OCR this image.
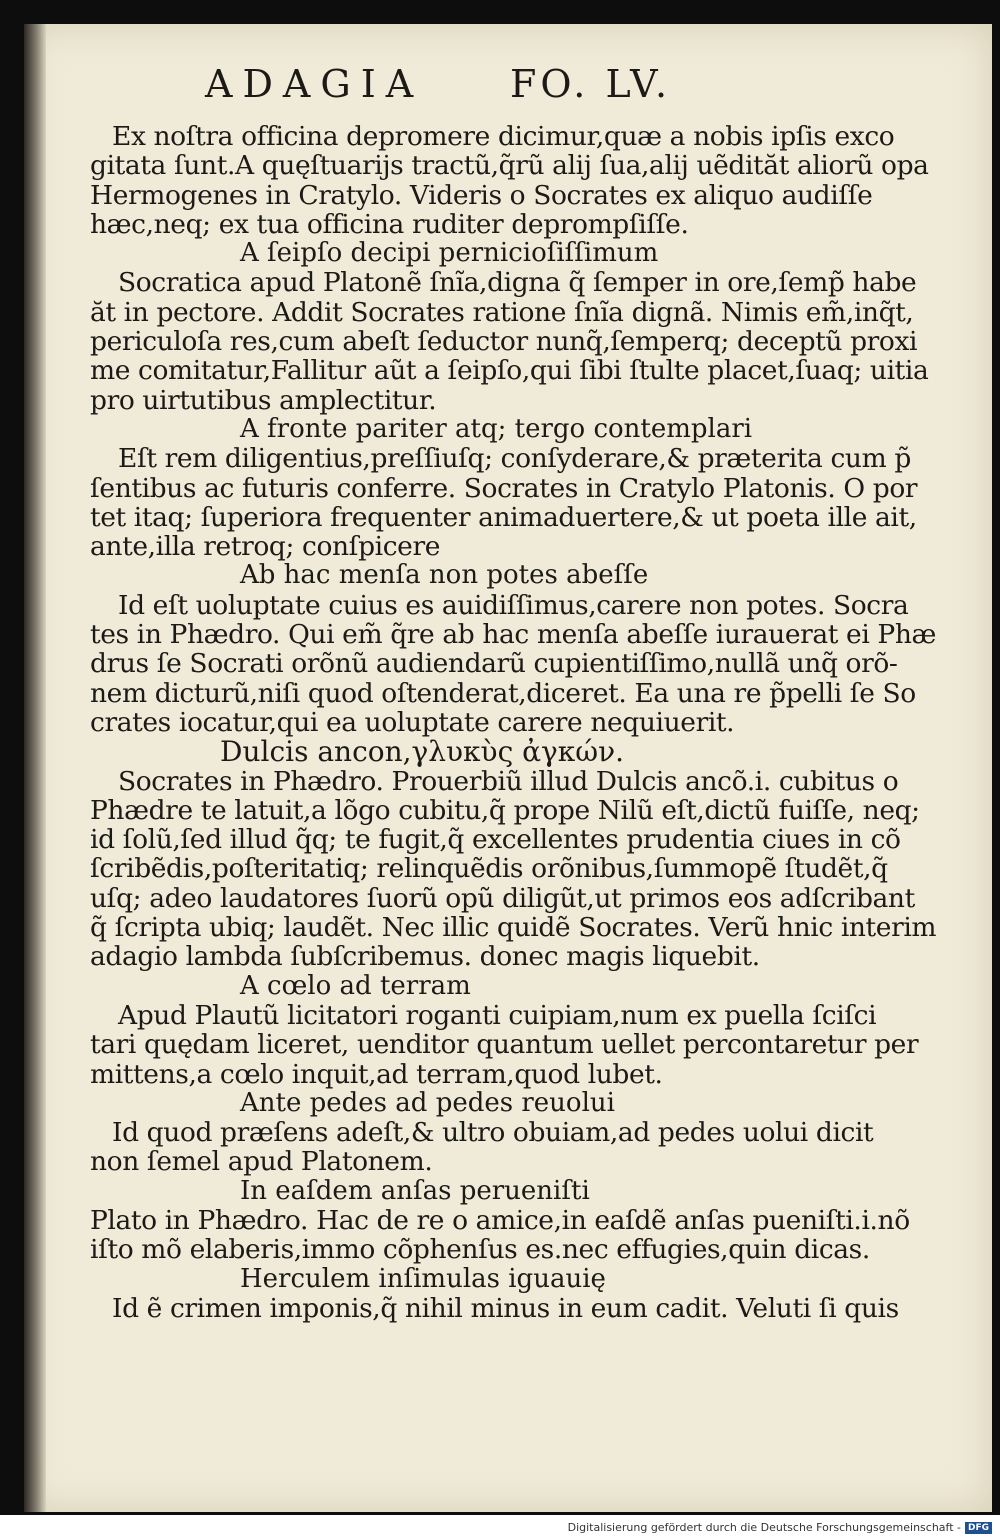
ADAGIA FO. LV.
Ex noſtra officina depromere dicimur,quæ a nobis ipſis exco
gitata ſunt.A quęſtuarijs tractũ,q̃rũ alij ſua,alij uẽdităt aliorũ opa
Hermogenes in Cratylo. Videris o Socrates ex aliquo audiſſe
hæc,neq; ex tua officina ruditer deprompſiſſe.
A ſeipſo decipi pernicioſiſſimum
Socratica apud Platonẽ ſnĩa,digna q̃ ſemper in ore,ſemp̃ habe
ăt in pectore. Addit Socrates ratione ſnĩa dignã. Nimis em̃,inq̃t,
periculoſa res,cum abeſt ſeductor nunq̃,ſemperq; deceptũ proxi
me comitatur,Fallitur aũt a ſeipſo,qui ſibi ſtulte placet,ſuaq; uitia
pro uirtutibus amplectitur.
A fronte pariter atq; tergo contemplari
Eſt rem diligentius,preſſiuſq; conſyderare,& præterita cum p̃
ſentibus ac futuris conferre. Socrates in Cratylo Platonis. O por
tet itaq; ſuperiora frequenter animaduertere,& ut poeta ille ait,
ante,illa retroq; conſpicere
Ab hac menſa non potes abeſſe
Id eſt uoluptate cuius es auidiſſimus,carere non potes. Socra
tes in Phædro. Qui em̃ q̃re ab hac menſa abeſſe iurauerat ei Phæ
drus ſe Socrati orõnũ audiendarũ cupientiſſimo,nullã unq̃ orõ-
nem dicturũ,niſi quod oſtenderat,diceret. Ea una re p̃pelli ſe So
crates iocatur,qui ea uoluptate carere nequiuerit.
Dulcis ancon,γλυκὺς ἀγκών.
Socrates in Phædro. Prouerbiũ illud Dulcis ancõ.i. cubitus o
Phædre te latuit,a lõgo cubitu,q̃ prope Nilũ eſt,dictũ fuiſſe, neq;
id ſolũ,ſed illud q̃q; te fugit,q̃ excellentes prudentia ciues in cõ
ſcribẽdis,poſteritatiq; relinquẽdis orõnibus,ſummopẽ ſtudẽt,q̃
uſq; adeo laudatores ſuorũ opũ diligũt,ut primos eos adſcribant
q̃ ſcripta ubiq; laudẽt. Nec illic quidẽ Socrates. Verũ hnic interim
adagio lambda ſubſcribemus. donec magis liquebit.
A cœlo ad terram
Apud Plautũ licitatori roganti cuipiam,num ex puella ſciſci
tari quędam liceret, uenditor quantum uellet percontaretur per
mittens,a cœlo inquit,ad terram,quod lubet.
Ante pedes ad pedes reuolui
Id quod præſens adeſt,& ultro obuiam,ad pedes uolui dicit
non ſemel apud Platonem.
In eaſdem anſas perueniſti
Plato in Phædro. Hac de re o amice,in eaſdẽ anſas pueniſti.i.nõ
iſto mõ elaberis,immo cõphenſus es.nec effugies,quin dicas.
Herculem inſimulas iguauię
Id ẽ crimen imponis,q̃ nihil minus in eum cadit. Veluti ſi quis
Digitalisierung gefördert durch die Deutsche Forschungsgemeinschaft - DFG
